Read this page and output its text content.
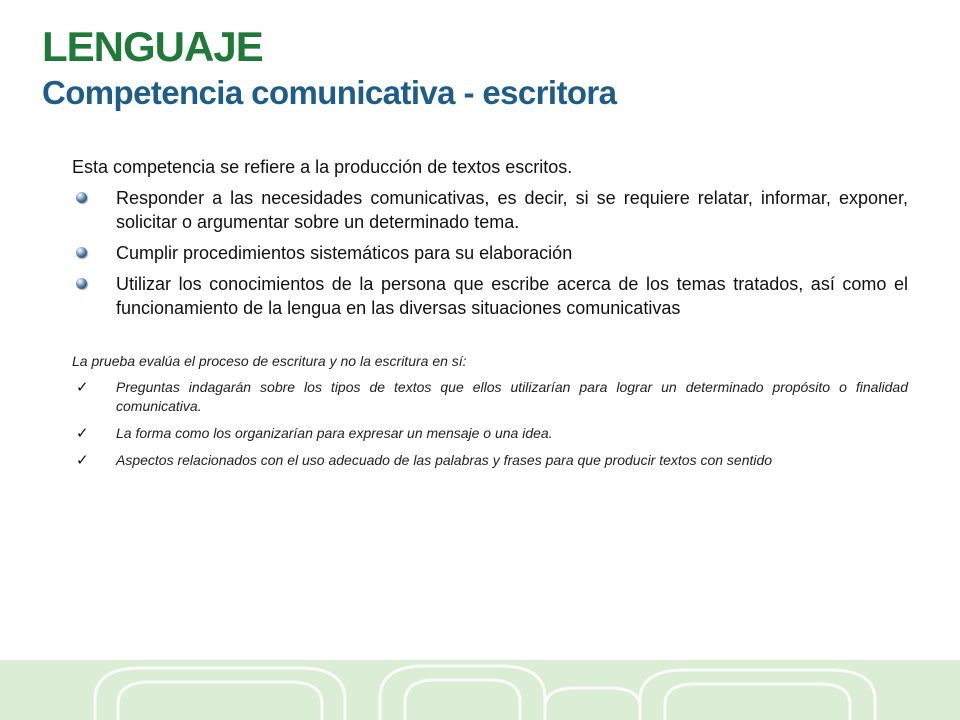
LENGUAJE
Competencia comunicativa - escritora

Esta competencia se refiere a la producción de textos escritos.

Responder a las necesidades comunicativas, es decir, si se requiere relatar, informar, exponer, solicitar o argumentar sobre un determinado tema.
Cumplir procedimientos sistemáticos para su elaboración
Utilizar los conocimientos de la persona que escribe acerca de los temas tratados, así como el funcionamiento de la lengua en las diversas situaciones comunicativas

La prueba evalúa el proceso de escritura y no la escritura en sí:

✓ Preguntas indagarán sobre los tipos de textos que ellos utilizarían para lograr un determinado propósito o finalidad comunicativa.
✓ La forma como los organizarían para expresar un mensaje o una idea.
✓ Aspectos relacionados con el uso adecuado de las palabras y frases para que producir textos con sentido
